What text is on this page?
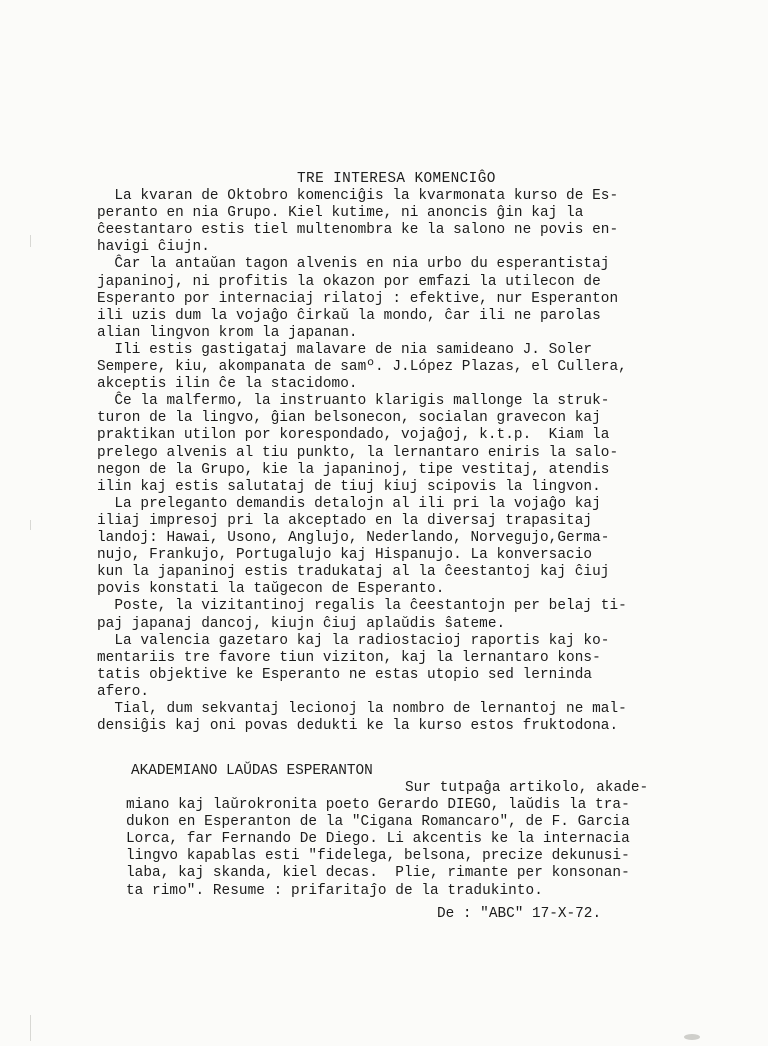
TRE INTERESA KOMENCIĜO
La kvaran de Oktobro komenciĝis la kvarmonata kurso de Es-
peranto en nia Grupo. Kiel kutime, ni anoncis ĝin kaj la
ĉeestantaro estis tiel multenombra ke la salono ne povis en-
havigi ĉiujn.
Ĉar la antaŭan tagon alvenis en nia urbo du esperantistaj
japaninoj, ni profitis la okazon por emfazi la utilecon de
Esperanto por internaciaj rilatoj : efektive, nur Esperanton
ili uzis dum la vojaĝo ĉirkaŭ la mondo, ĉar ili ne parolas
alian lingvon krom la japanan.
Ili estis gastigataj malavare de nia samideano J. Soler
Sempere, kiu, akompanata de samº. J.López Plazas, el Cullera,
akceptis ilin ĉe la stacidomo.
Ĉe la malfermo, la instruanto klarigis mallonge la struk-
turon de la lingvo, ĝian belsonecon, socialan gravecon kaj
praktikan utilon por korespondado, vojaĝoj, k.t.p.  Kiam la
prelego alvenis al tiu punkto, la lernantaro eniris la salo-
negon de la Grupo, kie la japaninoj, tipe vestitaj, atendis
ilin kaj estis salutataj de tiuj kiuj scipovis la lingvon.
La preleganto demandis detalojn al ili pri la vojaĝo kaj
iliaj impresoj pri la akceptado en la diversaj trapasitaj
landoj: Hawai, Usono, Anglujo, Nederlando, Norvegujo,Germa-
nujo, Frankujo, Portugalujo kaj Hispanujo. La konversacio
kun la japaninoj estis tradukataj al la ĉeestantoj kaj ĉiuj
povis konstati la taŭgecon de Esperanto.
Poste, la vizitantinoj regalis la ĉeestantojn per belaj ti-
paj japanaj dancoj, kiujn ĉiuj aplaŭdis ŝateme.
La valencia gazetaro kaj la radiostacioj raportis kaj ko-
mentariis tre favore tiun viziton, kaj la lernantaro kons-
tatis objektive ke Esperanto ne estas utopio sed lerninda
afero.
Tial, dum sekvantaj lecionoj la nombro de lernantoj ne mal-
densiĝis kaj oni povas dedukti ke la kurso estos fruktodona.
AKADEMIANO LAŬDAS ESPERANTON
Sur tutpaĝa artikolo, akade-
miano kaj laŭrokronita poeto Gerardo DIEGO, laŭdis la tra-
dukon en Esperanton de la "Cigana Romancaro", de F. Garcia
Lorca, far Fernando De Diego. Li akcentis ke la internacia
lingvo kapablas esti "fidelega, belsona, precize dekunusi-
laba, kaj skanda, kiel decas.  Plie, rimante per konsonan-
ta rimo". Resume : prifaritaĵo de la tradukinto.
De : "ABC" 17-X-72.
